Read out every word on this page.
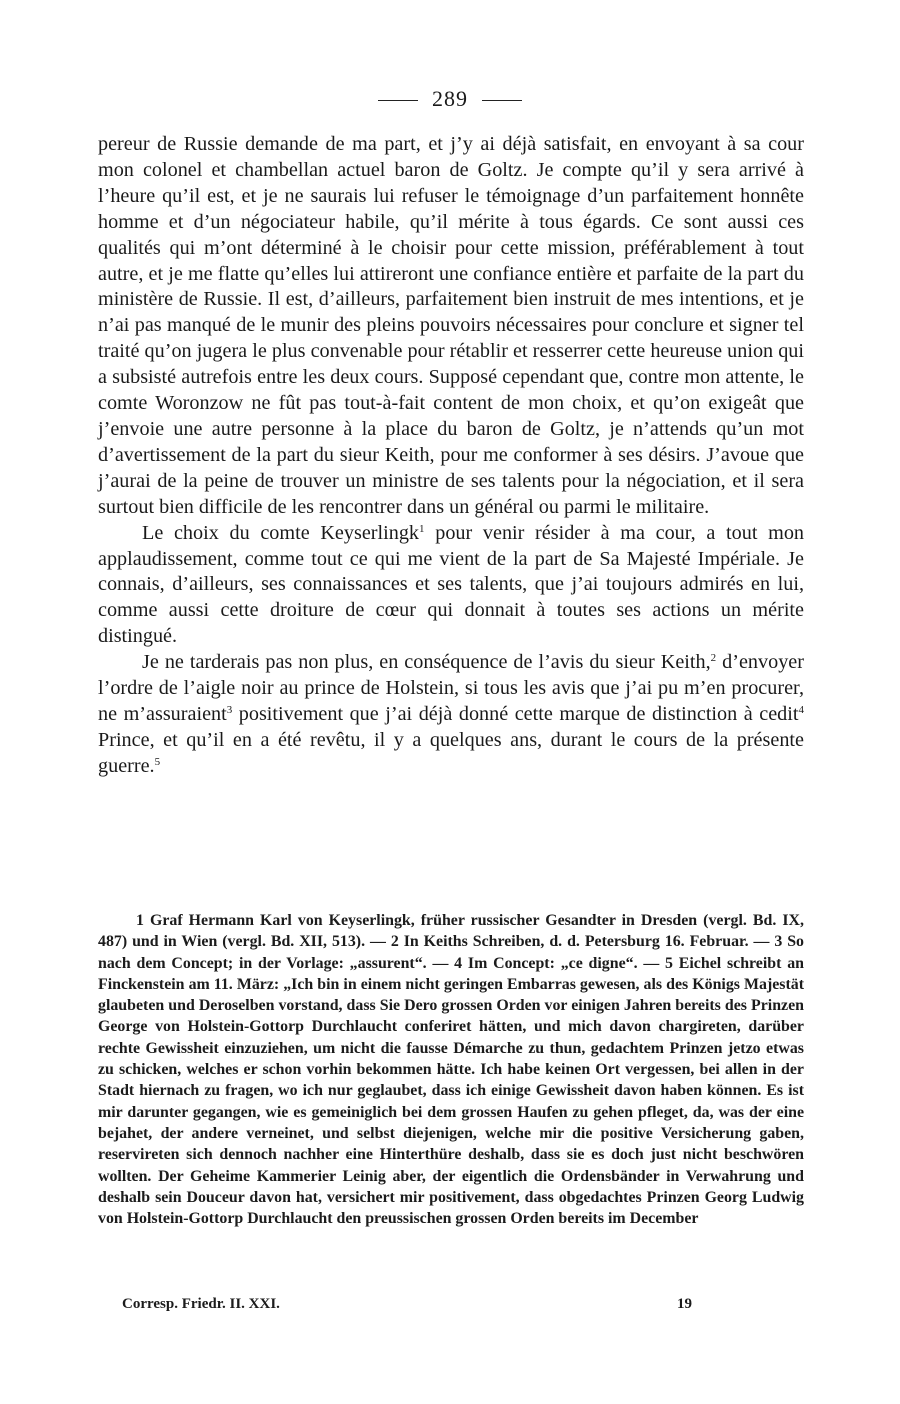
289

pereur de Russie demande de ma part, et j’y ai déjà satisfait, en envoyant à sa cour mon colonel et chambellan actuel baron de Goltz. Je compte qu’il y sera arrivé à l’heure qu’il est, et je ne saurais lui refuser le témoignage d’un parfaitement honnête homme et d’un négociateur habile, qu’il mérite à tous égards. Ce sont aussi ces qualités qui m’ont déterminé à le choisir pour cette mission, préférablement à tout autre, et je me flatte qu’elles lui attireront une confiance entière et parfaite de la part du ministère de Russie. Il est, d’ailleurs, parfaitement bien instruit de mes intentions, et je n’ai pas manqué de le munir des pleins pouvoirs nécessaires pour conclure et signer tel traité qu’on jugera le plus convenable pour rétablir et resserrer cette heureuse union qui a subsisté autrefois entre les deux cours. Supposé cependant que, contre mon attente, le comte Woronzow ne fût pas tout-à-fait content de mon choix, et qu’on exigeât que j’envoie une autre personne à la place du baron de Goltz, je n’attends qu’un mot d’avertissement de la part du sieur Keith, pour me conformer à ses désirs. J’avoue que j’aurai de la peine de trouver un ministre de ses talents pour la négociation, et il sera surtout bien difficile de les rencontrer dans un général ou parmi le militaire.

Le choix du comte Keyserlingk$^1$ pour venir résider à ma cour, a tout mon applaudissement, comme tout ce qui me vient de la part de Sa Majesté Impériale. Je connais, d’ailleurs, ses connaissances et ses talents, que j’ai toujours admirés en lui, comme aussi cette droiture de cœur qui donnait à toutes ses actions un mérite distingué.

Je ne tarderais pas non plus, en conséquence de l’avis du sieur Keith,$^2$ d’envoyer l’ordre de l’aigle noir au prince de Holstein, si tous les avis que j’ai pu m’en procurer, ne m’assuraient$^3$ positivement que j’ai déjà donné cette marque de distinction à cedit$^4$ Prince, et qu’il en a été revêtu, il y a quelques ans, durant le cours de la présente guerre.$^5$

1 Graf Hermann Karl von Keyserlingk, früher russischer Gesandter in Dresden (vergl. Bd. IX, 487) und in Wien (vergl. Bd. XII, 513). — 2 In Keiths Schreiben, d. d. Petersburg 16. Februar. — 3 So nach dem Concept; in der Vorlage: „assurent“. — 4 Im Concept: „ce digne“. — 5 Eichel schreibt an Finckenstein am 11. März: „Ich bin in einem nicht geringen Embarras gewesen, als des Königs Majestät glaubeten und Deroselben vorstand, dass Sie Dero grossen Orden vor einigen Jahren bereits des Prinzen George von Holstein-Gottorp Durchlaucht conferiret hätten, und mich davon chargireten, darüber rechte Gewissheit einzuziehen, um nicht die fausse Démarche zu thun, gedachtem Prinzen jetzo etwas zu schicken, welches er schon vorhin bekommen hätte. Ich habe keinen Ort vergessen, bei allen in der Stadt hiernach zu fragen, wo ich nur geglaubet, dass ich einige Gewissheit davon haben können. Es ist mir darunter gegangen, wie es gemeiniglich bei dem grossen Haufen zu gehen pfleget, da, was der eine bejahet, der andere verneinet, und selbst diejenigen, welche mir die positive Versicherung gaben, reservireten sich dennoch nachher eine Hinterthüre deshalb, dass sie es doch just nicht beschwören wollten. Der Geheime Kammerier Leinig aber, der eigentlich die Ordensbänder in Verwahrung und deshalb sein Douceur davon hat, versichert mir positivement, dass obgedachtes Prinzen Georg Ludwig von Holstein-Gottorp Durchlaucht den preussischen grossen Orden bereits im December

Corresp. Friedr. II. XXI.	19
